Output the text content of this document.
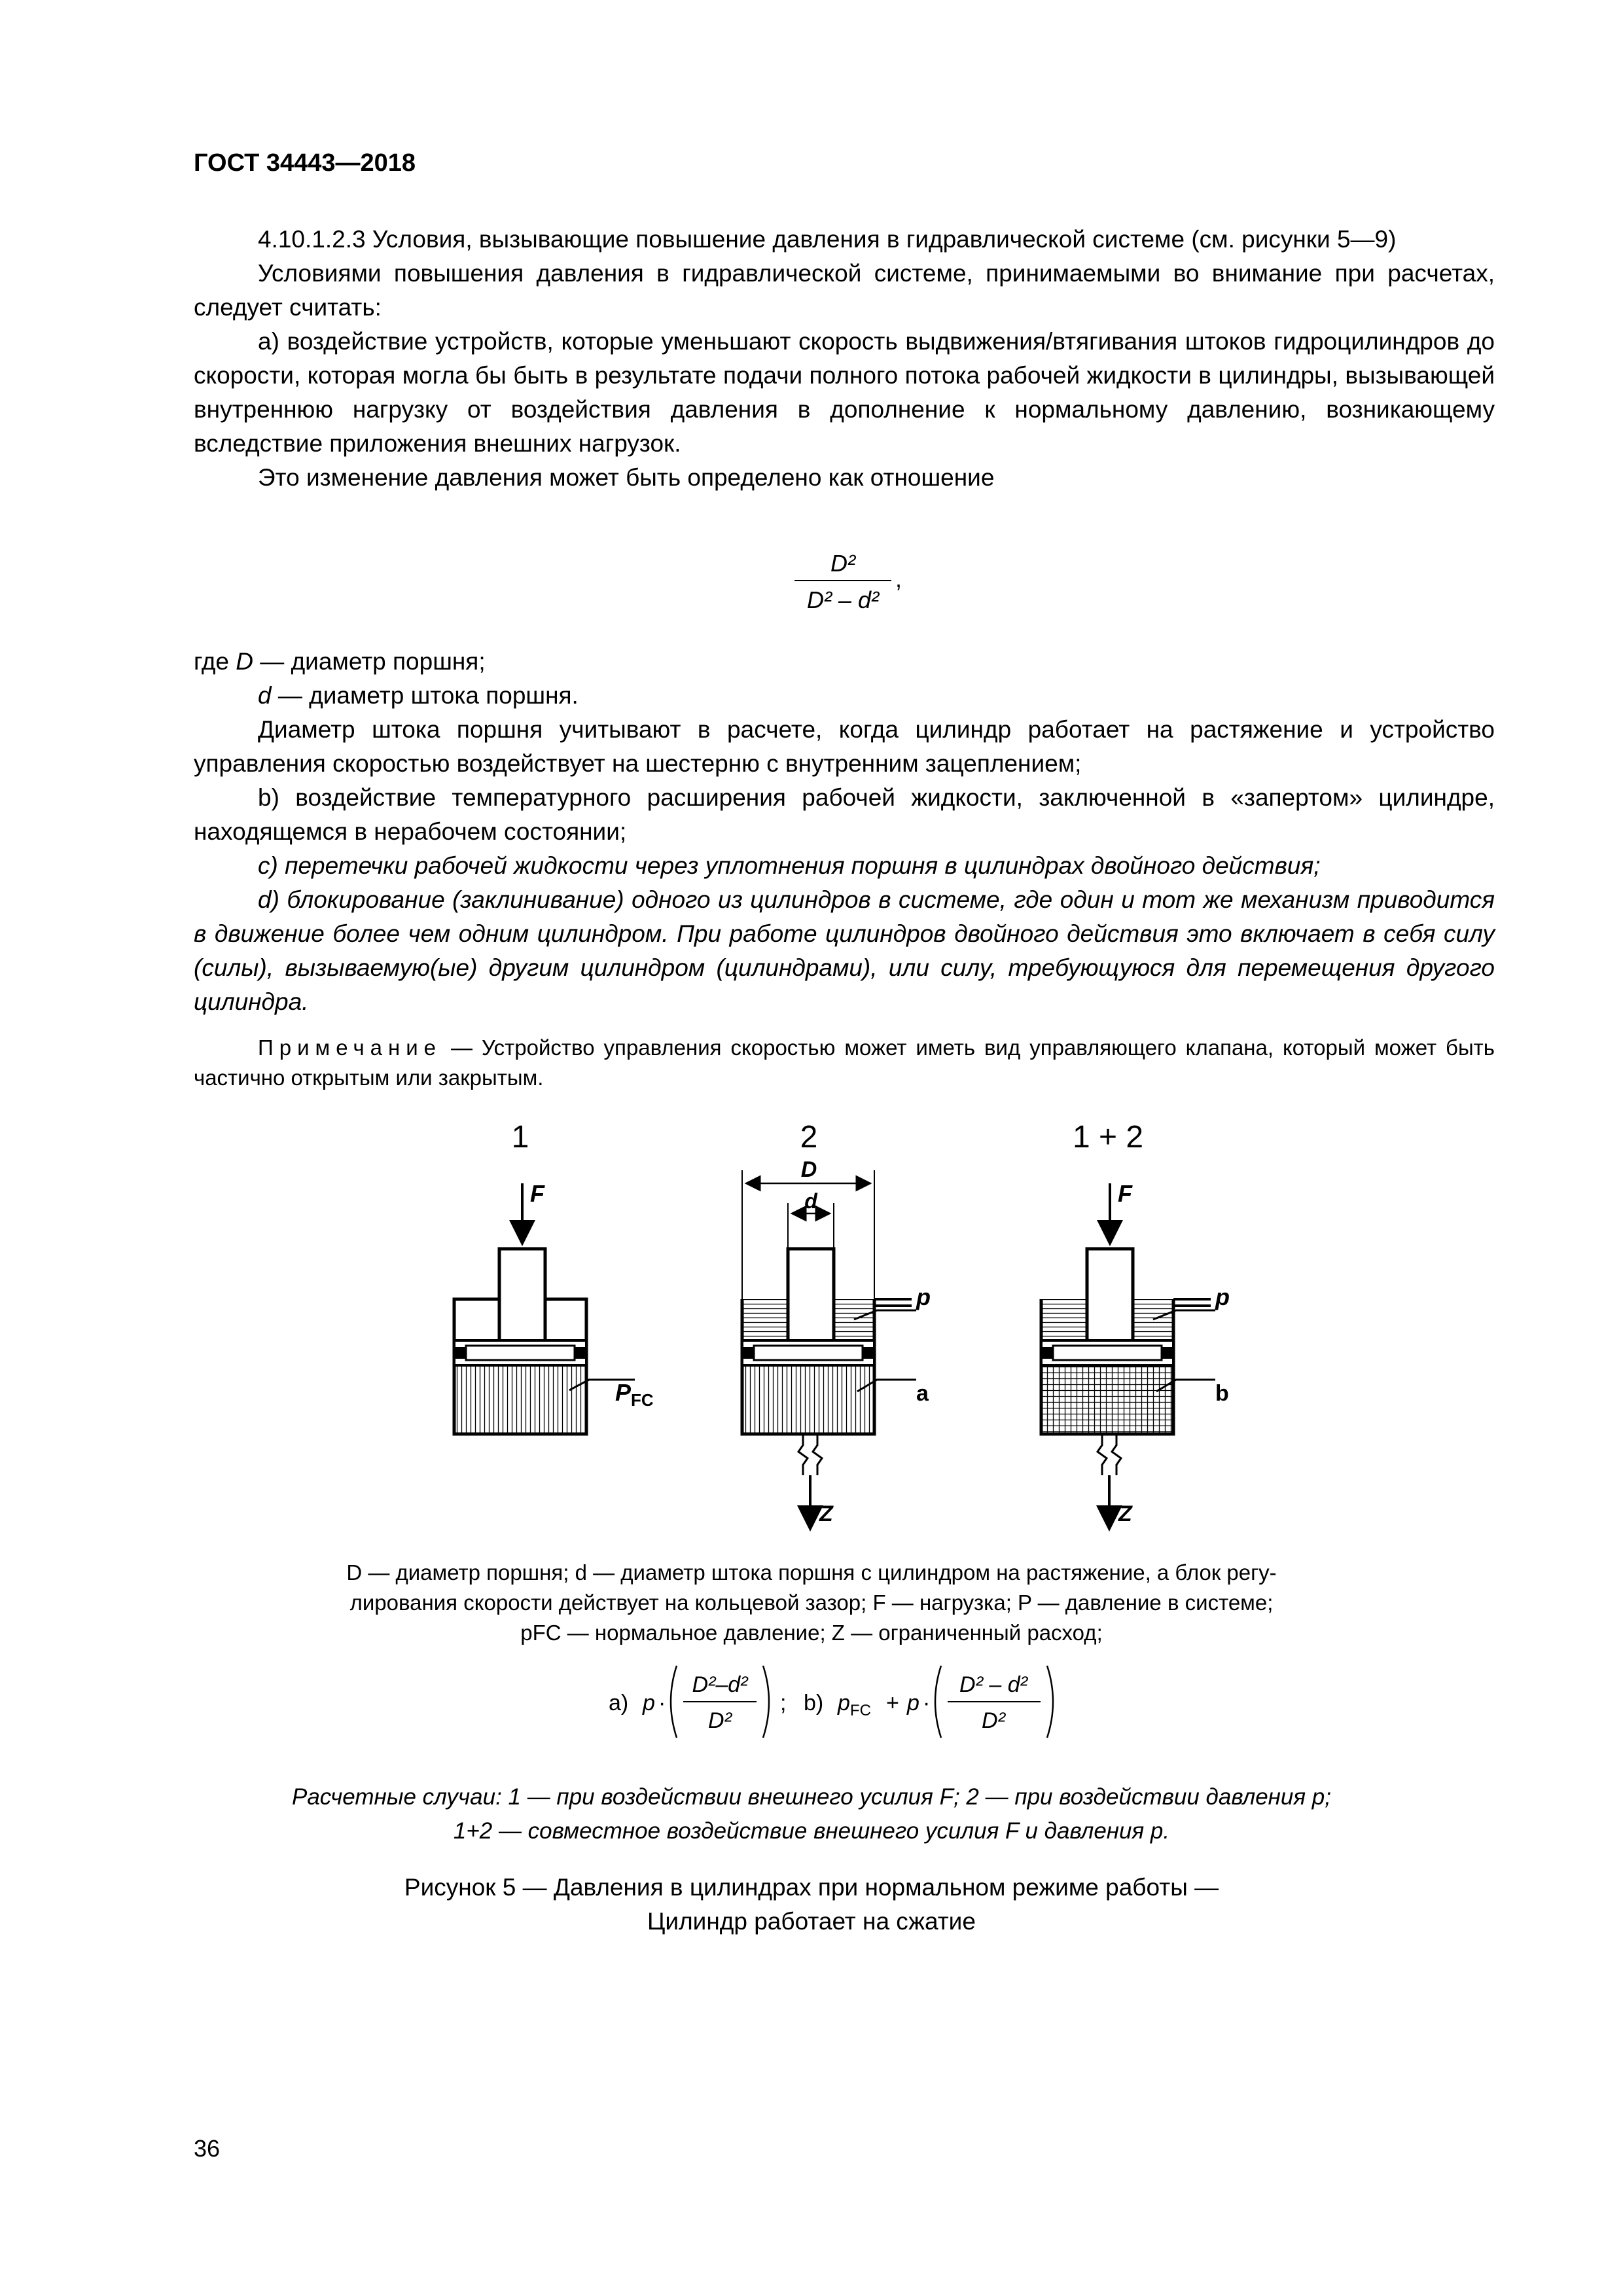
ГОСТ 34443—2018

4.10.1.2.3 Условия, вызывающие повышение давления в гидравлической системе (см. рисунки 5—9)

Условиями повышения давления в гидравлической системе, принимаемыми во внимание при расчетах, следует считать:

a) воздействие устройств, которые уменьшают скорость выдвижения/втягивания штоков гидроцилиндров до скорости, которая могла бы быть в результате подачи полного потока рабочей жидкости в цилиндры, вызывающей внутреннюю нагрузку от воздействия давления в дополнение к нормальному давлению, возникающему вследствие приложения внешних нагрузок.

Это изменение давления может быть определено как отношение

D²
D² – d²
,

где D — диаметр поршня;

d — диаметр штока поршня.

Диаметр штока поршня учитывают в расчете, когда цилиндр работает на растяжение и устройство управления скоростью воздействует на шестерню с внутренним зацеплением;

b) воздействие температурного расширения рабочей жидкости, заключенной в «запертом» цилиндре, находящемся в нерабочем состоянии;

c) перетечки рабочей жидкости через уплотнения поршня в цилиндрах двойного действия;

d) блокирование (заклинивание) одного из цилиндров в системе, где один и тот же механизм приводится в движение более чем одним цилиндром. При работе цилиндров двойного действия это включает в себя силу (силы), вызываемую(ые) другим цилиндром (цилиндрами), или силу, требующуюся для перемещения другого цилиндра.

Примечание — Устройство управления скоростью может иметь вид управляющего клапана, который может быть частично открытым или закрытым.
1	2	1 + 2
F
$P_{FC}$
D
d
p
a
Z
F
p
b
Z
D — диаметр поршня; d — диаметр штока поршня с цилиндром на растяжение, а блок регу-
лирования скорости действует на кольцевой зазор; F — нагрузка; P — давление в системе;
pFC — нормальное давление; Z — ограниченный расход;
a) p ·
D²–d²
D²
; b) $p_{FC} + p$ ·
D² – d²
D²
Расчетные случаи: 1 — при воздействии внешнего усилия F; 2 — при воздействии давления p;
1+2 — совместное воздействие внешнего усилия F и давления p.
Рисунок 5 — Давления в цилиндрах при нормальном режиме работы —
Цилиндр работает на сжатие
36
